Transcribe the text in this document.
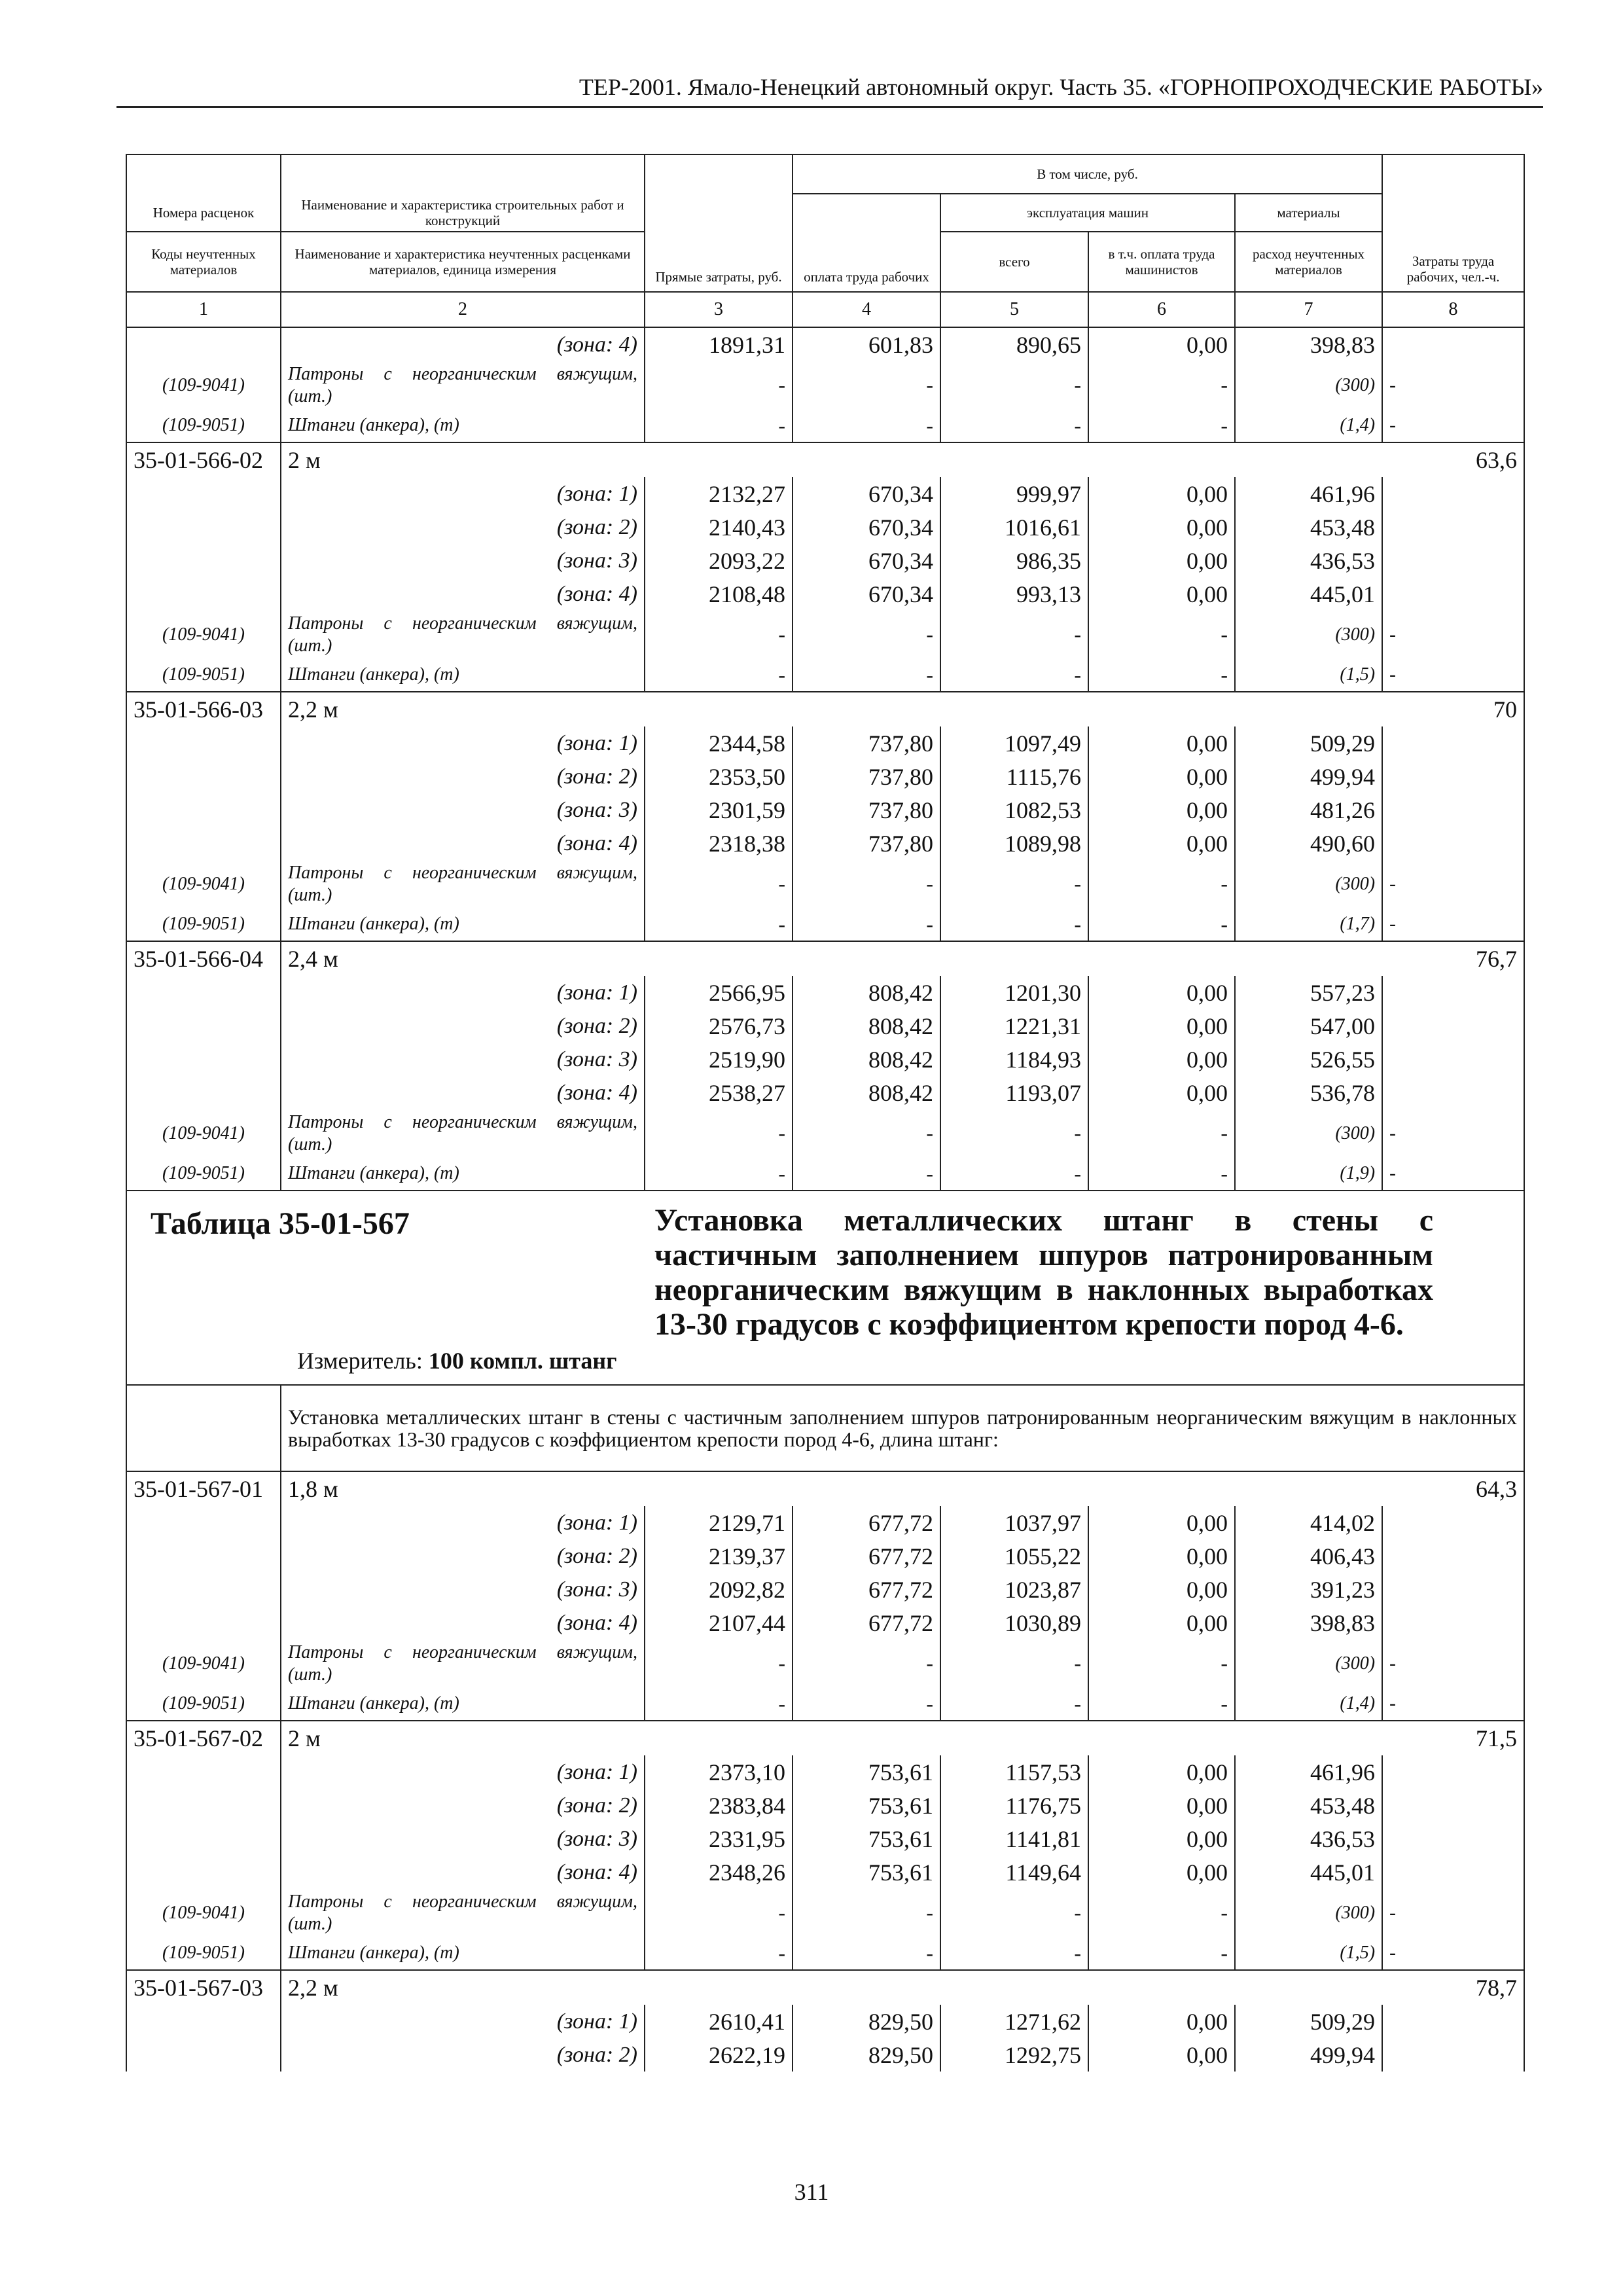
ТЕР-2001. Ямало-Ненецкий автономный округ. Часть 35. «ГОРНОПРОХОДЧЕСКИЕ РАБОТЫ»
		Прямые затраты, руб.	В том числе, руб.				Затраты труда рабочих, чел.-ч.
Номера расценок	Наименование и характеристика строительных работ и конструкций		оплата труда рабочих	эксплуатация машин		материалы	
Коды неучтенных материалов	Наименование и характеристика неучтенных расценками материалов, единица измерения			всего	в т.ч. оплата труда машинистов	расход неучтенных материалов	
1	2	3	4	5	6	7	8
	(зона: 4)	1891,31	601,83	890,65	0,00	398,83	
(109-9041)	Патроны с неорганическим вяжущим, (шт.)	-	-	-	-	(300)	-
(109-9051)	Штанги (анкера), (т)	-	-	-	-	(1,4)	-
35-01-566-02	2 м						63,6
	(зона: 1)	2132,27	670,34	999,97	0,00	461,96	
	(зона: 2)	2140,43	670,34	1016,61	0,00	453,48	
	(зона: 3)	2093,22	670,34	986,35	0,00	436,53	
	(зона: 4)	2108,48	670,34	993,13	0,00	445,01	
(109-9041)	Патроны с неорганическим вяжущим, (шт.)	-	-	-	-	(300)	-
(109-9051)	Штанги (анкера), (т)	-	-	-	-	(1,5)	-
35-01-566-03	2,2 м						70
	(зона: 1)	2344,58	737,80	1097,49	0,00	509,29	
	(зона: 2)	2353,50	737,80	1115,76	0,00	499,94	
	(зона: 3)	2301,59	737,80	1082,53	0,00	481,26	
	(зона: 4)	2318,38	737,80	1089,98	0,00	490,60	
(109-9041)	Патроны с неорганическим вяжущим, (шт.)	-	-	-	-	(300)	-
(109-9051)	Штанги (анкера), (т)	-	-	-	-	(1,7)	-
35-01-566-04	2,4 м						76,7
	(зона: 1)	2566,95	808,42	1201,30	0,00	557,23	
	(зона: 2)	2576,73	808,42	1221,31	0,00	547,00	
	(зона: 3)	2519,90	808,42	1184,93	0,00	526,55	
	(зона: 4)	2538,27	808,42	1193,07	0,00	536,78	
(109-9041)	Патроны с неорганическим вяжущим, (шт.)	-	-	-	-	(300)	-
(109-9051)	Штанги (анкера), (т)	-	-	-	-	(1,9)	-

Таблица 35-01-567 Установка металлических штанг в стены с частичным заполнением шпуров патронированным неорганическим вяжущим в наклонных выработках 13-30 градусов с коэффициентом крепости пород 4-6.
Измеритель: 100 компл. штанг							

	Установка металлических штанг в стены с частичным заполнением шпуров патронированным неорганическим вяжущим в наклонных выработках 13-30 градусов с коэффициентом крепости пород 4-6, длина штанг:						
35-01-567-01	1,8 м						64,3
	(зона: 1)	2129,71	677,72	1037,97	0,00	414,02	
	(зона: 2)	2139,37	677,72	1055,22	0,00	406,43	
	(зона: 3)	2092,82	677,72	1023,87	0,00	391,23	
	(зона: 4)	2107,44	677,72	1030,89	0,00	398,83	
(109-9041)	Патроны с неорганическим вяжущим, (шт.)	-	-	-	-	(300)	-
(109-9051)	Штанги (анкера), (т)	-	-	-	-	(1,4)	-
35-01-567-02	2 м						71,5
	(зона: 1)	2373,10	753,61	1157,53	0,00	461,96	
	(зона: 2)	2383,84	753,61	1176,75	0,00	453,48	
	(зона: 3)	2331,95	753,61	1141,81	0,00	436,53	
	(зона: 4)	2348,26	753,61	1149,64	0,00	445,01	
(109-9041)	Патроны с неорганическим вяжущим, (шт.)	-	-	-	-	(300)	-
(109-9051)	Штанги (анкера), (т)	-	-	-	-	(1,5)	-
35-01-567-03	2,2 м						78,7
	(зона: 1)	2610,41	829,50	1271,62	0,00	509,29	
	(зона: 2)	2622,19	829,50	1292,75	0,00	499,94	
311
